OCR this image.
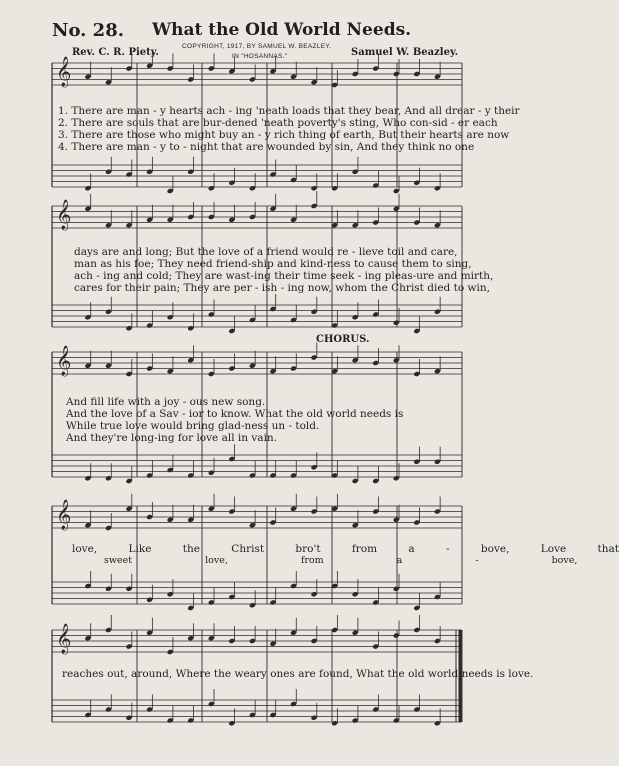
No. 28. What the Old World Needs.
COPYRIGHT, 1917, BY SAMUEL W. BEAZLEY.
IN "HOSANNAS."
Rev. C. R. Piety.	Samuel W. Beazley.
𝄞
𝄞
𝄞
𝄞
𝄞
1. There are man - y hearts ach - ing 'neath loads that they bear, And all drear - y their
2. There are souls that are bur-dened 'neath poverty's sting, Who con-sid - er each
3. There are those who might buy an - y rich thing of earth, But their hearts are now
4. There are man - y to - night that are wounded by sin, And they think no one
days are and long; But the love of a friend would re - lieve toil and care,
man as his foe; They need friend-ship and kind-ness to cause them to sing,
ach - ing and cold; They are wast-ing their time seek - ing pleas-ure and mirth,
cares for their pain; They are per - ish - ing now, whom the Christ died to win,
CHORUS.
And fill life with a joy - ous new song.
And the love of a Sav - ior to know. What the old world needs is
While true love would bring glad-ness un - told.
And they're long-ing for love all in vain.
love, Like the Christ bro't from a - bove, Love that
sweet love, from a - bove,
reaches out, around, Where the weary ones are found, What the old world needs is love.
